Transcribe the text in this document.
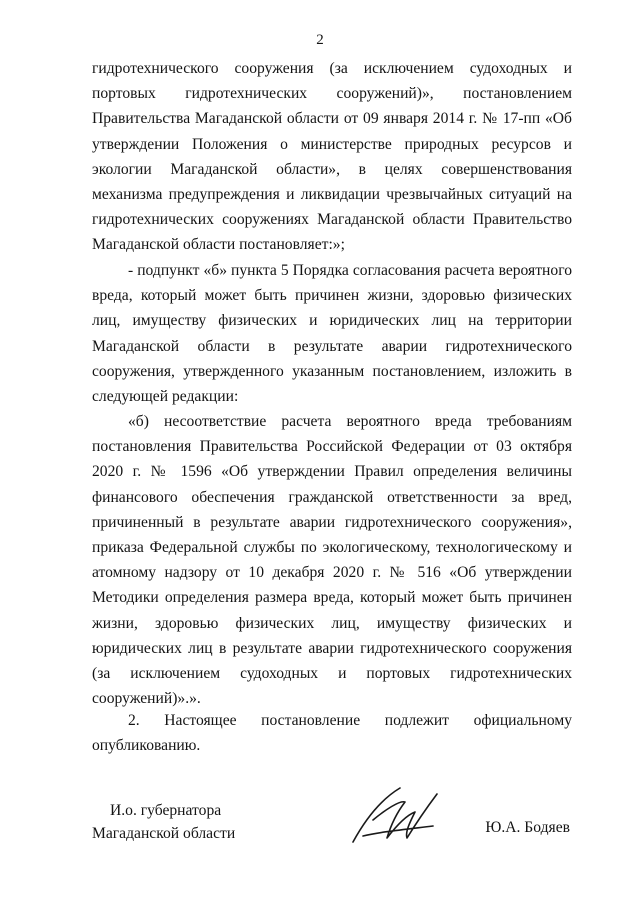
2
гидротехнического сооружения (за исключением судоходных и портовых гидротехнических сооружений)», постановлением Правительства Магаданской области от 09 января 2014 г. № 17-пп «Об утверждении Положения о министерстве природных ресурсов и экологии Магаданской области», в целях совершенствования механизма предупреждения и ликвидации чрезвычайных ситуаций на гидротехнических сооружениях Магаданской области Правительство Магаданской области постановляет:»;
- подпункт «б» пункта 5 Порядка согласования расчета вероятного вреда, который может быть причинен жизни, здоровью физических лиц, имуществу физических и юридических лиц на территории Магаданской области в результате аварии гидротехнического сооружения, утвержденного указанным постановлением, изложить в следующей редакции:
«б) несоответствие расчета вероятного вреда требованиям постановления Правительства Российской Федерации от 03 октября 2020 г. № 1596 «Об утверждении Правил определения величины финансового обеспечения гражданской ответственности за вред, причиненный в результате аварии гидротехнического сооружения», приказа Федеральной службы по экологическому, технологическому и атомному надзору от 10 декабря 2020 г. № 516 «Об утверждении Методики определения размера вреда, который может быть причинен жизни, здоровью физических лиц, имуществу физических и юридических лиц в результате аварии гидротехнического сооружения (за исключением судоходных и портовых гидротехнических сооружений)».».
2. Настоящее постановление подлежит официальному опубликованию.
И.о. губернатора
Магаданской области	Ю.А. Бодяев
